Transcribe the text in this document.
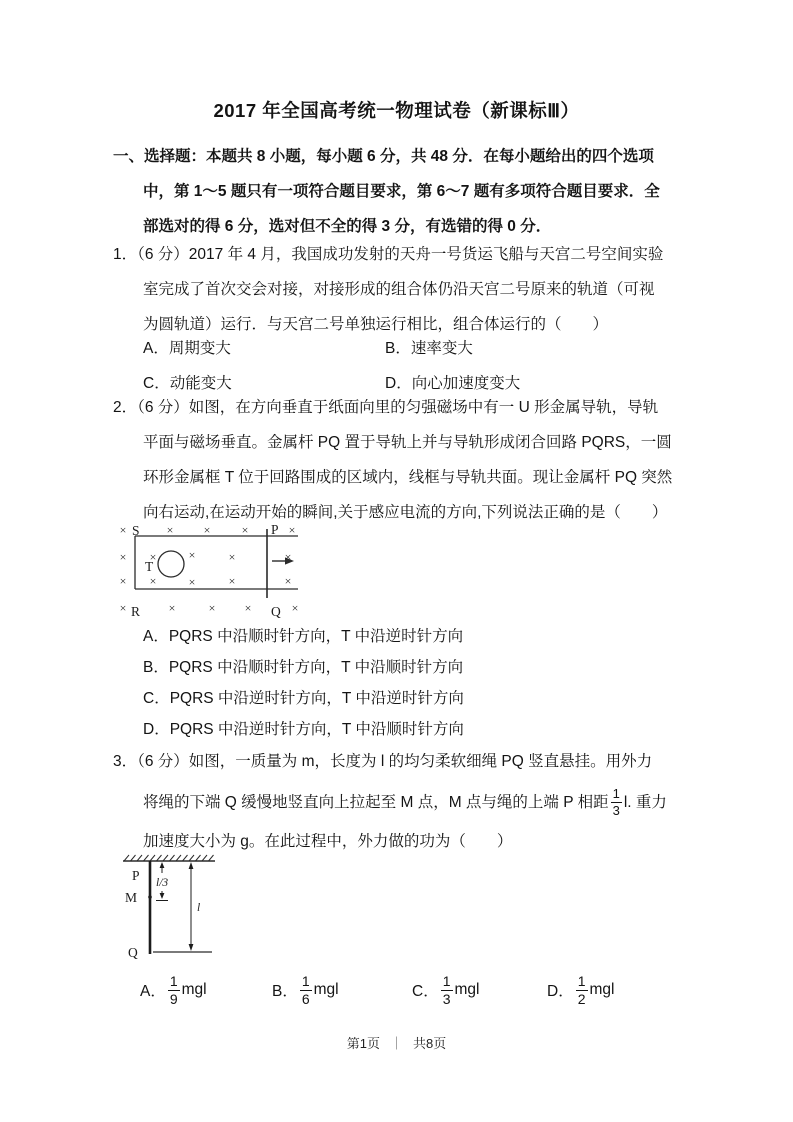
2017 年全国高考统一物理试卷（新课标Ⅲ）
一、选择题：本题共 8 小题，每小题 6 分，共 48 分．在每小题给出的四个选项
中，第 1～5 题只有一项符合题目要求，第 6～7 题有多项符合题目要求．全
部选对的得 6 分，选对但不全的得 3 分，有选错的得 0 分．
1．（6 分）2017 年 4 月，我国成功发射的天舟一号货运飞船与天宫二号空间实验
室完成了首次交会对接，对接形成的组合体仍沿天宫二号原来的轨道（可视
为圆轨道）运行．与天宫二号单独运行相比，组合体运行的（　　）
A．周期变大	B．速率变大
C．动能变大	D．向心加速度变大
2．（6 分）如图，在方向垂直于纸面向里的匀强磁场中有一 U 形金属导轨，导轨
平面与磁场垂直。金属杆 PQ 置于导轨上并与导轨形成闭合回路 PQRS，一圆
环形金属框 T 位于回路围成的区域内，线框与导轨共面。现让金属杆 PQ 突然
向右运动,在运动开始的瞬间,关于感应电流的方向,下列说法正确的是（　　）
S	P
R	Q
T
×	×	×	×	×
× ×	×	×	×
× ×	×	×	×
×	×	× ×	×
A．PQRS 中沿顺时针方向，T 中沿逆时针方向
B．PQRS 中沿顺时针方向，T 中沿顺时针方向
C．PQRS 中沿逆时针方向，T 中沿逆时针方向
D．PQRS 中沿逆时针方向，T 中沿顺时针方向
3．（6 分）如图，一质量为 m，长度为 l 的均匀柔软细绳 PQ 竖直悬挂。用外力
将绳的下端 Q 缓慢地竖直向上拉起至 M 点，M 点与绳的上端 P 相距 $\frac{1}{3} l$. 重力
加速度大小为 g。在此过程中，外力做的功为（　　）
P
M
Q
l/3
l
A． $\frac{1}{9}$ mgl	B． $\frac{1}{6}$ mgl	C． $\frac{1}{3}$ mgl	D． $\frac{1}{2}$ mgl
第1页 ｜ 共8页
